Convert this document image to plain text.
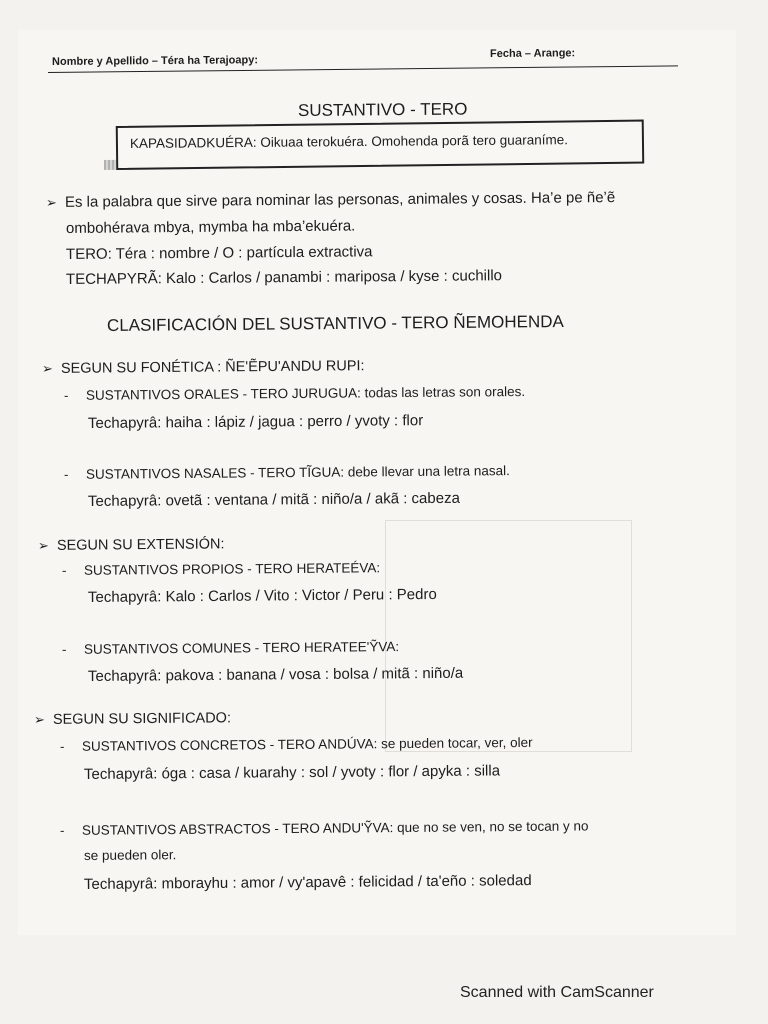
Nombre y Apellido – Téra ha Terajoapy:
Fecha – Arange:
SUSTANTIVO - TERO
KAPASIDADKUÉRA: Oikuaa terokuéra. Omohenda porã tero guaraníme.
➢ Es la palabra que sirve para nominar las personas, animales y cosas. Ha’e pe ñe’ẽ
ombohérava mbya, mymba ha mba’ekuéra.
TERO: Téra : nombre / O : partícula extractiva
TECHAPYRÃ: Kalo : Carlos / panambi : mariposa / kyse : cuchillo
CLASIFICACIÓN DEL SUSTANTIVO - TERO ÑEMOHENDA
➢ SEGUN SU FONÉTICA : ÑE'ẼPU'ANDU RUPI:
- SUSTANTIVOS ORALES - TERO JURUGUA: todas las letras son orales.
Techapyrâ: haiha : lápiz / jagua : perro / yvoty : flor
- SUSTANTIVOS NASALES - TERO TĨGUA: debe llevar una letra nasal.
Techapyrâ: ovetã : ventana / mitã : niño/a / akã : cabeza
➢ SEGUN SU EXTENSIÓN:
- SUSTANTIVOS PROPIOS - TERO HERATEÉVA:
Techapyrâ: Kalo : Carlos / Vito : Victor / Peru : Pedro
- SUSTANTIVOS COMUNES - TERO HERATEE'ỸVA:
Techapyrâ: pakova : banana / vosa : bolsa / mitã : niño/a
➢ SEGUN SU SIGNIFICADO:
- SUSTANTIVOS CONCRETOS - TERO ANDÚVA: se pueden tocar, ver, oler
Techapyrâ: óga : casa / kuarahy : sol / yvoty : flor / apyka : silla
- SUSTANTIVOS ABSTRACTOS - TERO ANDU'ỸVA: que no se ven, no se tocan y no
se pueden oler.
Techapyrâ: mborayhu : amor / vy'apavê : felicidad / ta'eño : soledad
Scanned with CamScanner
